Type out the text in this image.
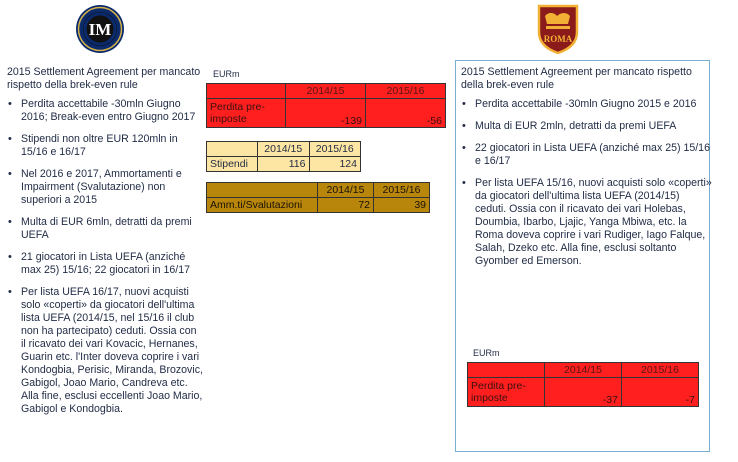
IM	ROMA
2015 Settlement Agreement per mancato rispetto della brek-even rule
• Perdita accettabile -30mln Giugno 2016; Break-even entro Giugno 2017
• Stipendi non oltre EUR 120mln in 15/16 e 16/17
• Nel 2016 e 2017, Ammortamenti e Impairment (Svalutazione) non superiori a 2015
• Multa di EUR 6mln, detratti da premi UEFA
• 21 giocatori in Lista UEFA (anziché max 25) 15/16; 22 giocatori in 16/17
• Per lista UEFA 16/17, nuovi acquisti solo «coperti» da giocatori dell'ultima lista UEFA (2014/15, nel 15/16 il club non ha partecipato) ceduti. Ossia con il ricavato dei vari Kovacic, Hernanes, Guarin etc. l'Inter doveva coprire i vari Kondogbia, Perisic, Miranda, Brozovic, Gabigol, Joao Mario, Candreva etc. Alla fine, esclusi eccellenti Joao Mario, Gabigol e Kondogbia.
EURm
	2014/15	2015/16
Perdita pre-imposte	-139	-56
	2014/15	2015/16
Stipendi	116	124
	2014/15	2015/16
Amm.ti/Svalutazioni	72	39
2015 Settlement Agreement per mancato rispetto della brek-even rule
• Perdita accettabile -30mln Giugno 2015 e 2016
• Multa di EUR 2mln, detratti da premi UEFA
• 22 giocatori in Lista UEFA (anziché max 25) 15/16 e 16/17
• Per lista UEFA 15/16, nuovi acquisti solo «coperti» da giocatori dell'ultima lista UEFA (2014/15) ceduti. Ossia con il ricavato dei vari Holebas, Doumbia, Ibarbo, Ljajic, Yanga Mbiwa, etc. la Roma doveva coprire i vari Rudiger, Iago Falque, Salah, Dzeko etc. Alla fine, esclusi soltanto Gyomber ed Emerson.
EURm
	2014/15	2015/16
Perdita pre-imposte	-37	-7
